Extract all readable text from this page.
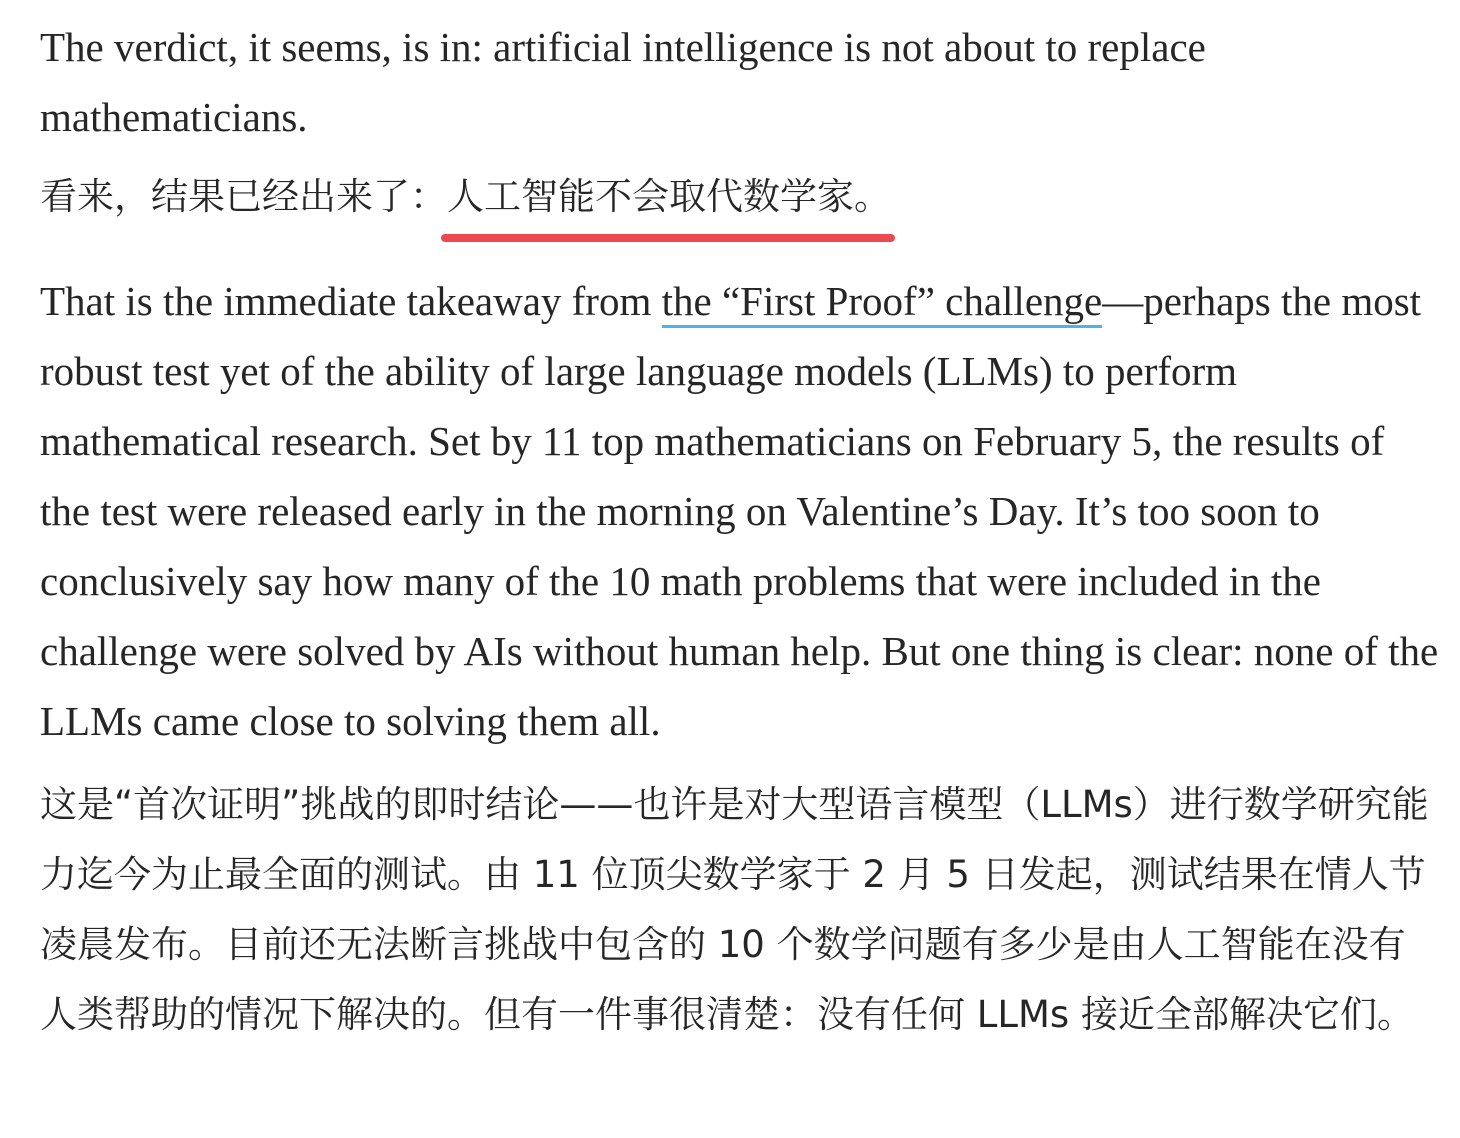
The verdict, it seems, is in: artificial intelligence is not about to replace mathematicians.

看来，结果已经出来了：人工智能不会取代数学家。

That is the immediate takeaway from the “First Proof” challenge—perhaps the most robust test yet of the ability of large language models (LLMs) to perform mathematical research. Set by 11 top mathematicians on February 5, the results of the test were released early in the morning on Valentine’s Day. It’s too soon to conclusively say how many of the 10 math problems that were included in the challenge were solved by AIs without human help. But one thing is clear: none of the LLMs came close to solving them all.

这是“首次证明”挑战的即时结论——也许是对大型语言模型（LLMs）进行数学研究能力迄今为止最全面的测试。由 11 位顶尖数学家于 2 月 5 日发起，测试结果在情人节凌晨发布。目前还无法断言挑战中包含的 10 个数学问题有多少是由人工智能在没有人类帮助的情况下解决的。但有一件事很清楚：没有任何 LLMs 接近全部解决它们。
